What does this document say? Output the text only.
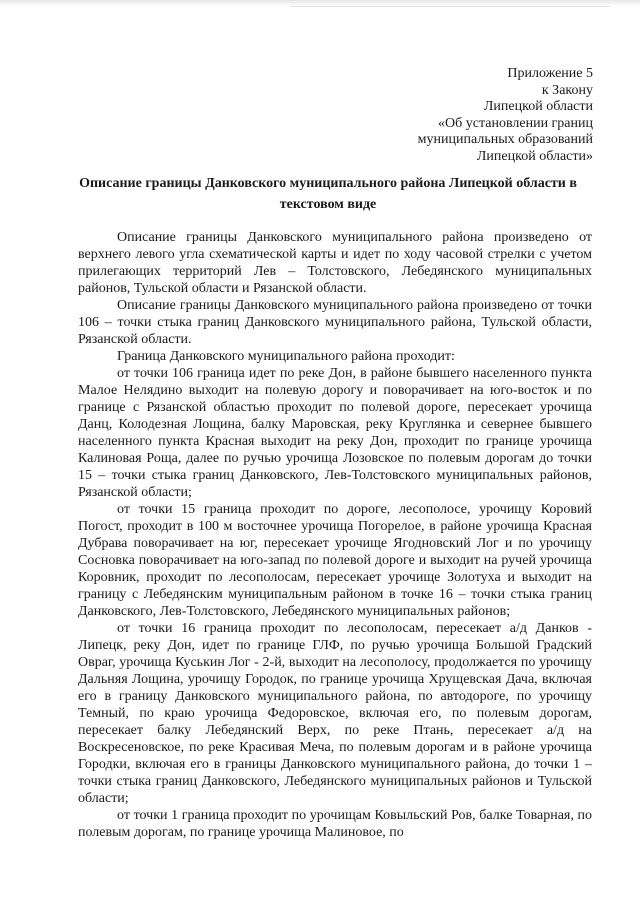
Приложение 5
к Закону
Липецкой области
«Об установлении границ
муниципальных образований
Липецкой области»
Описание границы Данковского муниципального района Липецкой области в текстовом виде

Описание границы Данковского муниципального района произведено от верхнего левого угла схематической карты и идет по ходу часовой стрелки с учетом прилегающих территорий Лев – Толстовского, Лебедянского муниципальных районов, Тульской области и Рязанской области.

Описание границы Данковского муниципального района произведено от точки 106 – точки стыка границ Данковского муниципального района, Тульской области, Рязанской области.

Граница Данковского муниципального района проходит:

от точки 106 граница идет по реке Дон, в районе бывшего населенного пункта Малое Нелядино выходит на полевую дорогу и поворачивает на юго-восток и по границе с Рязанской областью проходит по полевой дороге, пересекает урочища Данц, Колодезная Лощина, балку Маровская, реку Круглянка и севернее бывшего населенного пункта Красная выходит на реку Дон, проходит по границе урочища Калиновая Роща, далее по ручью урочища Лозовское по полевым дорогам до точки 15 – точки стыка границ Данковского, Лев-Толстовского муниципальных районов, Рязанской области;

от точки 15 граница проходит по дороге, лесополосе, урочищу Коровий Погост, проходит в 100 м восточнее урочища Погорелое, в районе урочища Красная Дубрава поворачивает на юг, пересекает урочище Ягодновский Лог и по урочищу Сосновка поворачивает на юго-запад по полевой дороге и выходит на ручей урочища Коровник, проходит по лесополосам, пересекает урочище Золотуха и выходит на границу с Лебедянским муниципальным районом в точке 16 – точки стыка границ Данковского, Лев-Толстовского, Лебедянского муниципальных районов;

от точки 16 граница проходит по лесополосам, пересекает а/д Данков - Липецк, реку Дон, идет по границе ГЛФ, по ручью урочища Большой Градский Овраг, урочища Куськин Лог - 2-й, выходит на лесополосу, продолжается по урочищу Дальняя Лощина, урочищу Городок, по границе урочища Хрущевская Дача, включая его в границу Данковского муниципального района, по автодороге, по урочищу Темный, по краю урочища Федоровское, включая его, по полевым дорогам, пересекает балку Лебедянский Верх, по реке Птань, пересекает а/д на Воскресеновское, по реке Красивая Меча, по полевым дорогам и в районе урочища Городки, включая его в границы Данковского муниципального района, до точки 1 – точки стыка границ Данковского, Лебедянского муниципальных районов и Тульской области;

от точки 1 граница проходит по урочищам Ковыльский Ров, балке Товарная, по полевым дорогам, по границе урочища Малиновое, по
